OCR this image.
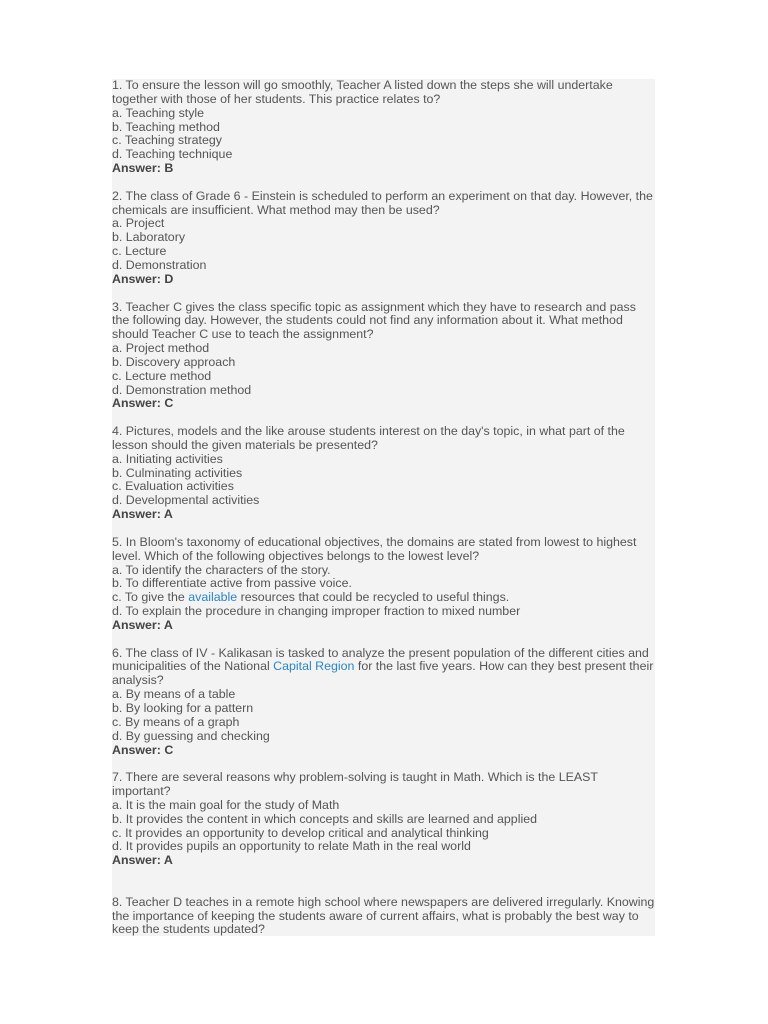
1. To ensure the lesson will go smoothly, Teacher A listed down the steps she will undertake together with those of her students. This practice relates to?

a. Teaching style
b. Teaching method
c. Teaching strategy
d. Teaching technique
Answer: B

2. The class of Grade 6 - Einstein is scheduled to perform an experiment on that day. However, the chemicals are insufficient. What method may then be used?

a. Project
b. Laboratory
c. Lecture
d. Demonstration
Answer: D

3. Teacher C gives the class specific topic as assignment which they have to research and pass the following day. However, the students could not find any information about it. What method should Teacher C use to teach the assignment?

a. Project method
b. Discovery approach
c. Lecture method
d. Demonstration method
Answer: C

4. Pictures, models and the like arouse students interest on the day's topic, in what part of the lesson should the given materials be presented?

a. Initiating activities
b. Culminating activities
c. Evaluation activities
d. Developmental activities
Answer: A

5. In Bloom's taxonomy of educational objectives, the domains are stated from lowest to highest level. Which of the following objectives belongs to the lowest level?

a. To identify the characters of the story.
b. To differentiate active from passive voice.
c. To give the available resources that could be recycled to useful things.
d. To explain the procedure in changing improper fraction to mixed number
Answer: A

6. The class of IV - Kalikasan is tasked to analyze the present population of the different cities and municipalities of the National Capital Region for the last five years. How can they best present their analysis?

a. By means of a table
b. By looking for a pattern
c. By means of a graph
d. By guessing and checking
Answer: C

7. There are several reasons why problem-solving is taught in Math. Which is the LEAST important?

a. It is the main goal for the study of Math
b. It provides the content in which concepts and skills are learned and applied
c. It provides an opportunity to develop critical and analytical thinking
d. It provides pupils an opportunity to relate Math in the real world
Answer: A

8. Teacher D teaches in a remote high school where newspapers are delivered irregularly. Knowing the importance of keeping the students aware of current affairs, what is probably the best way to keep the students updated?
